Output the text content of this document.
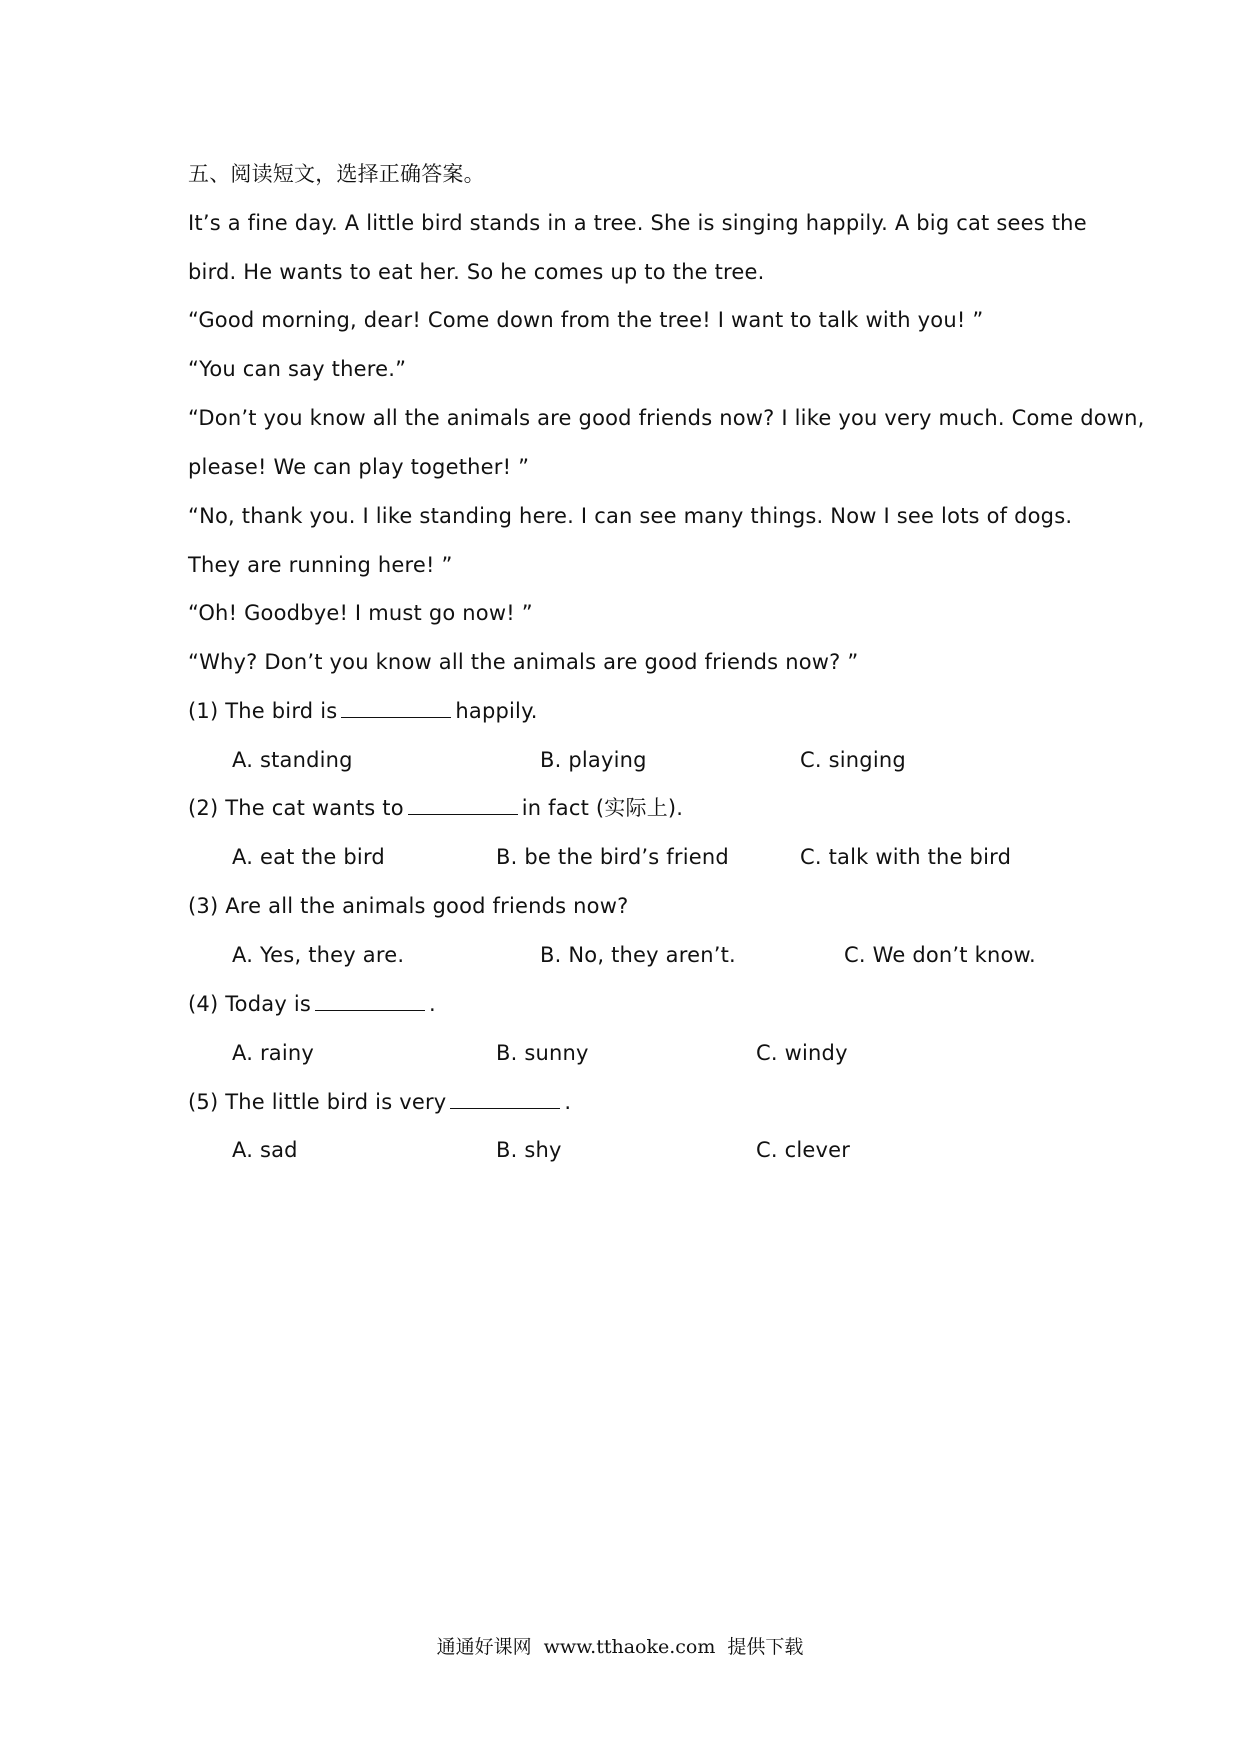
五、阅读短文，选择正确答案。
It’s a fine day. A little bird stands in a tree. She is singing happily. A big cat sees the
bird. He wants to eat her. So he comes up to the tree.
“Good morning, dear! Come down from the tree! I want to talk with you! ”
“You can say there.”
“Don’t you know all the animals are good friends now? I like you very much. Come down,
please! We can play together! ”
“No, thank you. I like standing here. I can see many things. Now I see lots of dogs.
They are running here! ”
“Oh! Goodbye! I must go now! ”
“Why? Don’t you know all the animals are good friends now? ”
(1) The bird is	happily.
A. standing	B. playing	C. singing
(2) The cat wants to	in fact (实际上).
A. eat the bird	B. be the bird’s friend	C. talk with the bird
(3) Are all the animals good friends now?
A. Yes, they are.	B. No, they aren’t.	C. We don’t know.
(4) Today is	.
A. rainy	B. sunny	C. windy
(5) The little bird is very	.
A. sad	B. shy	C. clever
通通好课网 www.tthaoke.com 提供下载
